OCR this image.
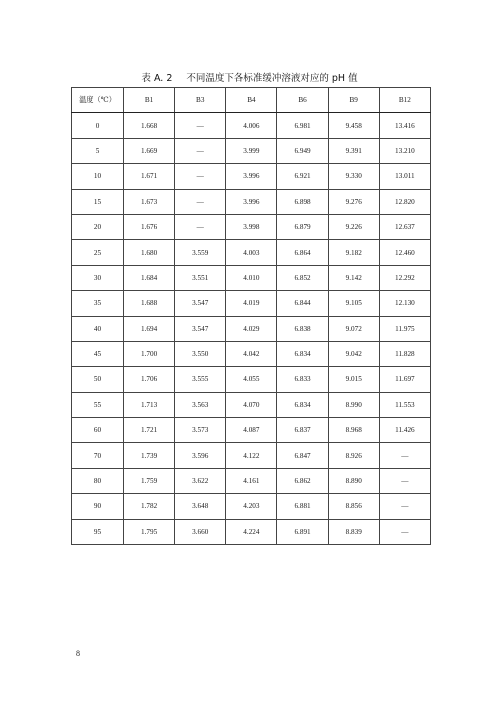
表 A. 2 不同温度下各标准缓冲溶液对应的 pH 值
温度（℃）	B1	B3	B4	B6	B9	B12
0	1.668	—	4.006	6.981	9.458	13.416
5	1.669	—	3.999	6.949	9.391	13.210
10	1.671	—	3.996	6.921	9.330	13.011
15	1.673	—	3.996	6.898	9.276	12.820
20	1.676	—	3.998	6.879	9.226	12.637
25	1.680	3.559	4.003	6.864	9.182	12.460
30	1.684	3.551	4.010	6.852	9.142	12.292
35	1.688	3.547	4.019	6.844	9.105	12.130
40	1.694	3.547	4.029	6.838	9.072	11.975
45	1.700	3.550	4.042	6.834	9.042	11.828
50	1.706	3.555	4.055	6.833	9.015	11.697
55	1.713	3.563	4.070	6.834	8.990	11.553
60	1.721	3.573	4.087	6.837	8.968	11.426
70	1.739	3.596	4.122	6.847	8.926	—
80	1.759	3.622	4.161	6.862	8.890	—
90	1.782	3.648	4.203	6.881	8.856	—
95	1.795	3.660	4.224	6.891	8.839	—
8
